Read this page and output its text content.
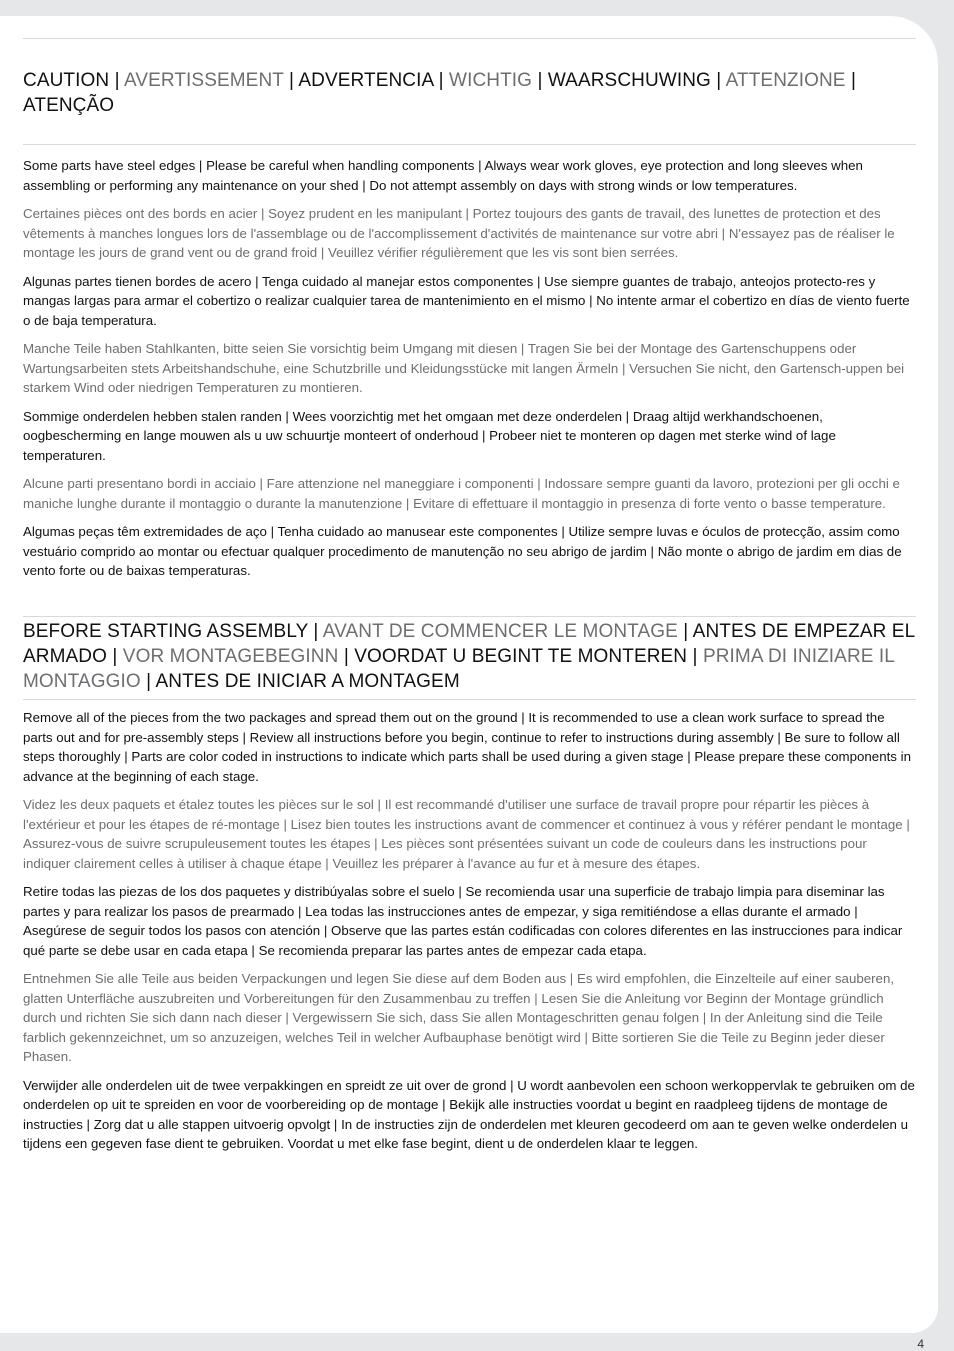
CAUTION | AVERTISSEMENT | ADVERTENCIA | WICHTIG | WAARSCHUWING | ATTENZIONE | ATENÇÃO

Some parts have steel edges | Please be careful when handling components | Always wear work gloves, eye protection and long sleeves when assembling or performing any maintenance on your shed | Do not attempt assembly on days with strong winds or low temperatures.

Certaines pièces ont des bords en acier | Soyez prudent en les manipulant | Portez toujours des gants de travail, des lunettes de protection et des vêtements à manches longues lors de l'assemblage ou de l'accomplissement d'activités de maintenance sur votre abri | N'essayez pas de réaliser le montage les jours de grand vent ou de grand froid | Veuillez vérifier régulièrement que les vis sont bien serrées.

Algunas partes tienen bordes de acero | Tenga cuidado al manejar estos componentes | Use siempre guantes de trabajo, anteojos protecto-res y mangas largas para armar el cobertizo o realizar cualquier tarea de mantenimiento en el mismo | No intente armar el cobertizo en días de viento fuerte o de baja temperatura.

Manche Teile haben Stahlkanten, bitte seien Sie vorsichtig beim Umgang mit diesen | Tragen Sie bei der Montage des Gartenschuppens oder Wartungsarbeiten stets Arbeitshandschuhe, eine Schutzbrille und Kleidungsstücke mit langen Ärmeln | Versuchen Sie nicht, den Gartensch-uppen bei starkem Wind oder niedrigen Temperaturen zu montieren.

Sommige onderdelen hebben stalen randen | Wees voorzichtig met het omgaan met deze onderdelen | Draag altijd werkhandschoenen, oogbescherming en lange mouwen als u uw schuurtje monteert of onderhoud | Probeer niet te monteren op dagen met sterke wind of lage temperaturen.

Alcune parti presentano bordi in acciaio | Fare attenzione nel maneggiare i componenti | Indossare sempre guanti da lavoro, protezioni per gli occhi e maniche lunghe durante il montaggio o durante la manutenzione | Evitare di effettuare il montaggio in presenza di forte vento o basse temperature.

Algumas peças têm extremidades de aço | Tenha cuidado ao manusear este componentes | Utilize sempre luvas e óculos de protecção, assim como vestuário comprido ao montar ou efectuar qualquer procedimento de manutenção no seu abrigo de jardim | Não monte o abrigo de jardim em dias de vento forte ou de baixas temperaturas.

BEFORE STARTING ASSEMBLY | AVANT DE COMMENCER LE MONTAGE | ANTES DE EMPEZAR EL ARMADO | VOR MONTAGEBEGINN | VOORDAT U BEGINT TE MONTEREN | PRIMA DI INIZIARE IL MONTAGGIO | ANTES DE INICIAR A MONTAGEM

Remove all of the pieces from the two packages and spread them out on the ground | It is recommended to use a clean work surface to spread the parts out and for pre-assembly steps | Review all instructions before you begin, continue to refer to instructions during assembly | Be sure to follow all steps thoroughly | Parts are color coded in instructions to indicate which parts shall be used during a given stage | Please prepare these components in advance at the beginning of each stage.

Videz les deux paquets et étalez toutes les pièces sur le sol | Il est recommandé d'utiliser une surface de travail propre pour répartir les pièces à l'extérieur et pour les étapes de ré-montage | Lisez bien toutes les instructions avant de commencer et continuez à vous y référer pendant le montage | Assurez-vous de suivre scrupuleusement toutes les étapes | Les pièces sont présentées suivant un code de couleurs dans les instructions pour indiquer clairement celles à utiliser à chaque étape | Veuillez les préparer à l'avance au fur et à mesure des étapes.

Retire todas las piezas de los dos paquetes y distribúyalas sobre el suelo | Se recomienda usar una superficie de trabajo limpia para diseminar las partes y para realizar los pasos de prearmado | Lea todas las instrucciones antes de empezar, y siga remitiéndose a ellas durante el armado | Asegúrese de seguir todos los pasos con atención | Observe que las partes están codificadas con colores diferentes en las instrucciones para indicar qué parte se debe usar en cada etapa | Se recomienda preparar las partes antes de empezar cada etapa.

Entnehmen Sie alle Teile aus beiden Verpackungen und legen Sie diese auf dem Boden aus | Es wird empfohlen, die Einzelteile auf einer sauberen, glatten Unterfläche auszubreiten und Vorbereitungen für den Zusammenbau zu treffen | Lesen Sie die Anleitung vor Beginn der Montage gründlich durch und richten Sie sich dann nach dieser | Vergewissern Sie sich, dass Sie allen Montageschritten genau folgen | In der Anleitung sind die Teile farblich gekennzeichnet, um so anzuzeigen, welches Teil in welcher Aufbauphase benötigt wird | Bitte sortieren Sie die Teile zu Beginn jeder dieser Phasen.

Verwijder alle onderdelen uit de twee verpakkingen en spreidt ze uit over de grond | U wordt aanbevolen een schoon werkoppervlak te gebruiken om de onderdelen op uit te spreiden en voor de voorbereiding op de montage | Bekijk alle instructies voordat u begint en raadpleeg tijdens de montage de instructies | Zorg dat u alle stappen uitvoerig opvolgt | In de instructies zijn de onderdelen met kleuren gecodeerd om aan te geven welke onderdelen u tijdens een gegeven fase dient te gebruiken. Voordat u met elke fase begint, dient u de onderdelen klaar te leggen.

4
